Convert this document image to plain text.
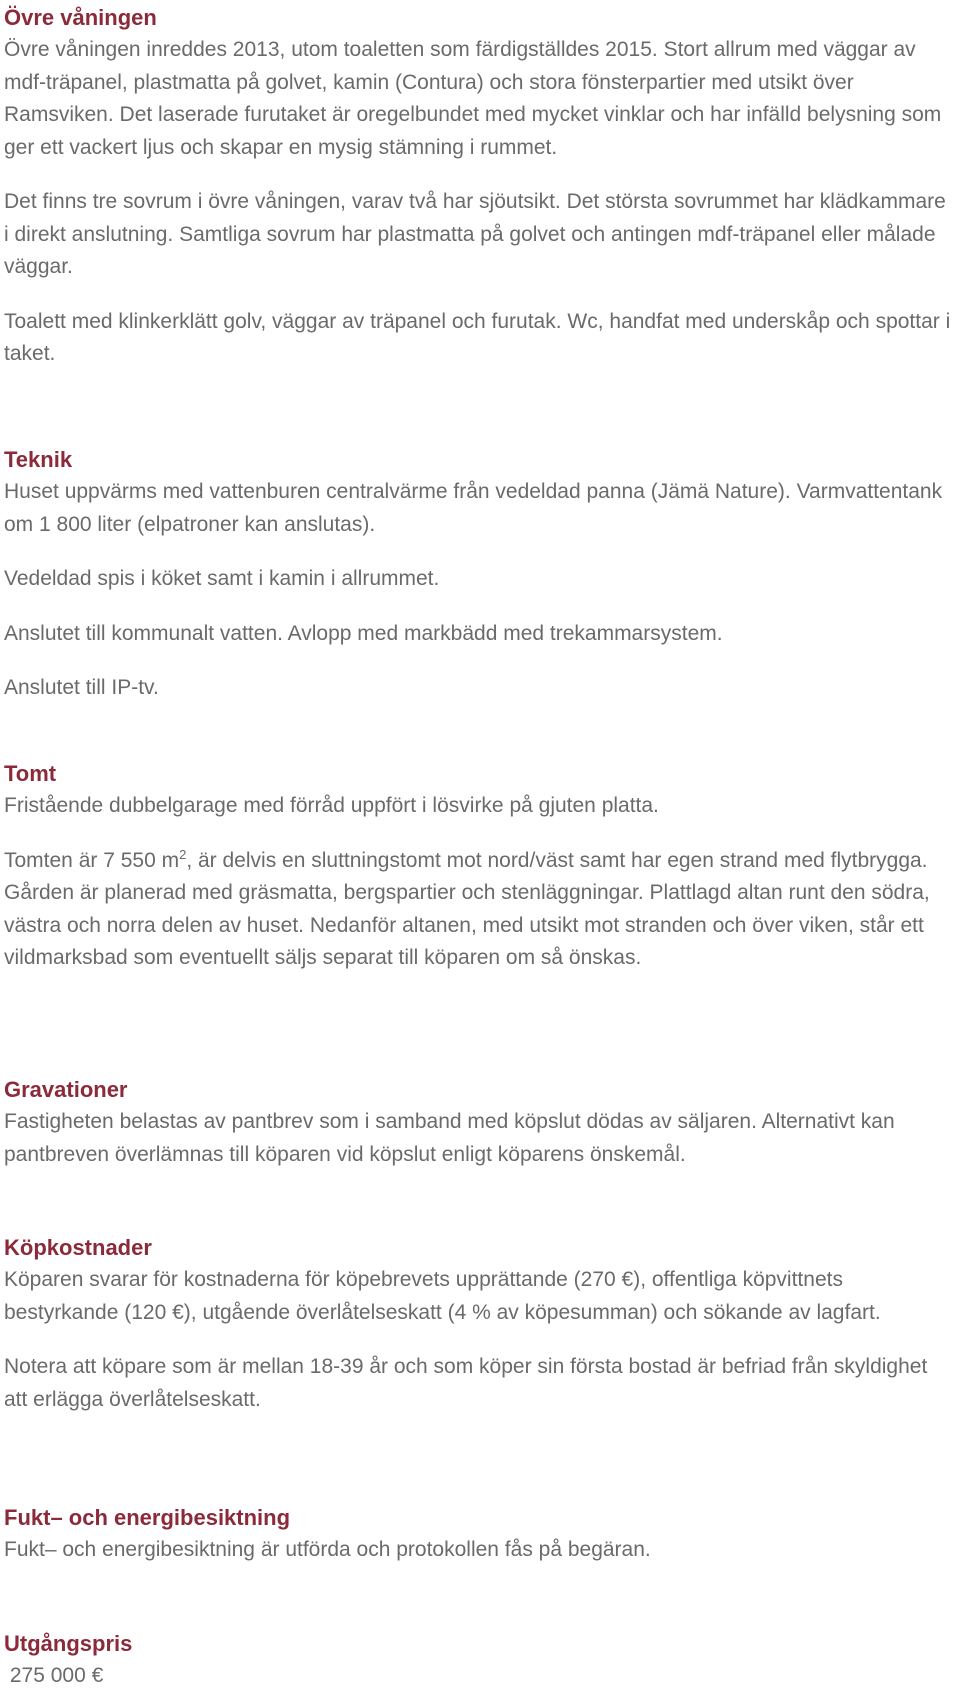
Övre våningen

Övre våningen inreddes 2013, utom toaletten som färdigställdes 2015. Stort allrum med väggar av mdf-träpanel, plastmatta på golvet, kamin (Contura) och stora fönsterpartier med utsikt över Ramsviken. Det laserade furutaket är oregelbundet med mycket vinklar och har infälld belysning som ger ett vackert ljus och skapar en mysig stämning i rummet.

Det finns tre sovrum i övre våningen, varav två har sjöutsikt. Det största sovrummet har klädkammare i direkt anslutning. Samtliga sovrum har plastmatta på golvet och antingen mdf-träpanel eller målade väggar.

Toalett med klinkerklätt golv, väggar av träpanel och furutak. Wc, handfat med underskåp och spottar i taket.

Teknik

Huset uppvärms med vattenburen centralvärme från vedeldad panna (Jämä Nature). Varmvattentank om 1 800 liter (elpatroner kan anslutas).

Vedeldad spis i köket samt i kamin i allrummet.

Anslutet till kommunalt vatten. Avlopp med markbädd med trekammarsystem.

Anslutet till IP-tv.

Tomt

Fristående dubbelgarage med förråd uppfört i lösvirke på gjuten platta.

Tomten är 7 550 $m^2$, är delvis en sluttningstomt mot nord/väst samt har egen strand med flytbrygga. Gården är planerad med gräsmatta, bergspartier och stenläggningar. Plattlagd altan runt den södra, västra och norra delen av huset. Nedanför altanen, med utsikt mot stranden och över viken, står ett vildmarksbad som eventuellt säljs separat till köparen om så önskas.

Gravationer

Fastigheten belastas av pantbrev som i samband med köpslut dödas av säljaren. Alternativt kan pantbreven överlämnas till köparen vid köpslut enligt köparens önskemål.

Köpkostnader

Köparen svarar för kostnaderna för köpebrevets upprättande (270 €), offentliga köpvittnets bestyrkande (120 €), utgående överlåtelseskatt (4 % av köpesumman) och sökande av lagfart.

Notera att köpare som är mellan 18-39 år och som köper sin första bostad är befriad från skyldighet att erlägga överlåtelseskatt.

Fukt– och energibesiktning

Fukt– och energibesiktning är utförda och protokollen fås på begäran.

Utgångspris

275 000 €
